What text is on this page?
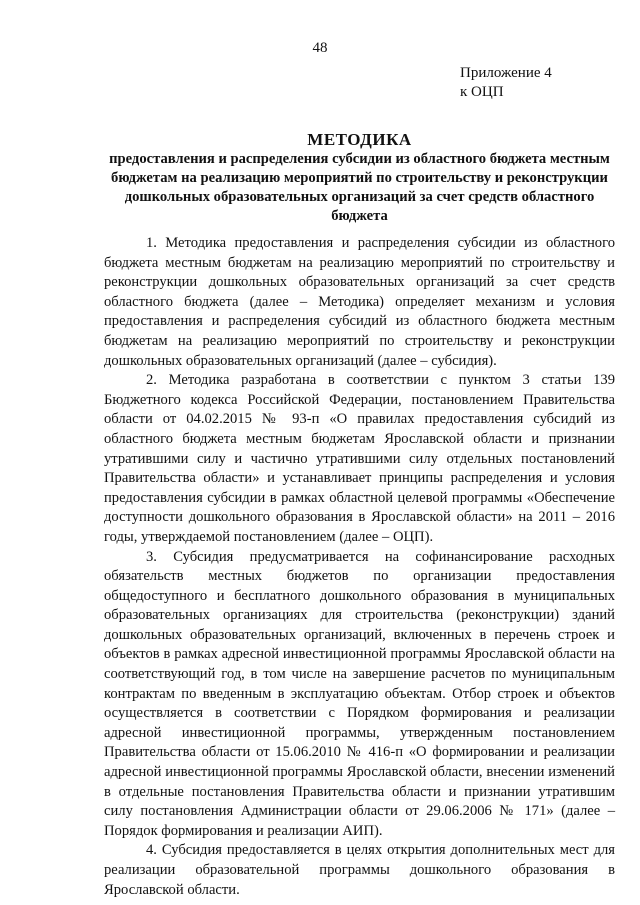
48
Приложение 4
к ОЦП
МЕТОДИКА
предоставления и распределения субсидии из областного бюджета местным бюджетам на реализацию мероприятий по строительству и реконструкции дошкольных образовательных организаций за счет средств областного бюджета

1. Методика предоставления и распределения субсидии из областного бюджета местным бюджетам на реализацию мероприятий по строительству и реконструкции дошкольных образовательных организаций за счет средств областного бюджета (далее – Методика) определяет механизм и условия предоставления и распределения субсидий из областного бюджета местным бюджетам на реализацию мероприятий по строительству и реконструкции дошкольных образовательных организаций (далее – субсидия).

2. Методика разработана в соответствии с пунктом 3 статьи 139 Бюджетного кодекса Российской Федерации, постановлением Правительства области от 04.02.2015 № 93-п «О правилах предоставления субсидий из областного бюджета местным бюджетам Ярославской области и признании утратившими силу и частично утратившими силу отдельных постановлений Правительства области» и устанавливает принципы распределения и условия предоставления субсидии в рамках областной целевой программы «Обеспечение доступности дошкольного образования в Ярославской области» на 2011 – 2016 годы, утверждаемой постановлением (далее – ОЦП).

3. Субсидия предусматривается на софинансирование расходных обязательств местных бюджетов по организации предоставления общедоступного и бесплатного дошкольного образования в муниципальных образовательных организациях для строительства (реконструкции) зданий дошкольных образовательных организаций, включенных в перечень строек и объектов в рамках адресной инвестиционной программы Ярославской области на соответствующий год, в том числе на завершение расчетов по муниципальным контрактам по введенным в эксплуатацию объектам. Отбор строек и объектов осуществляется в соответствии с Порядком формирования и реализации адресной инвестиционной программы, утвержденным постановлением Правительства области от 15.06.2010 № 416-п «О формировании и реализации адресной инвестиционной программы Ярославской области, внесении изменений в отдельные постановления Правительства области и признании утратившим силу постановления Администрации области от 29.06.2006 № 171» (далее – Порядок формирования и реализации АИП).

4. Субсидия предоставляется в целях открытия дополнительных мест для реализации образовательной программы дошкольного образования в Ярославской области.
